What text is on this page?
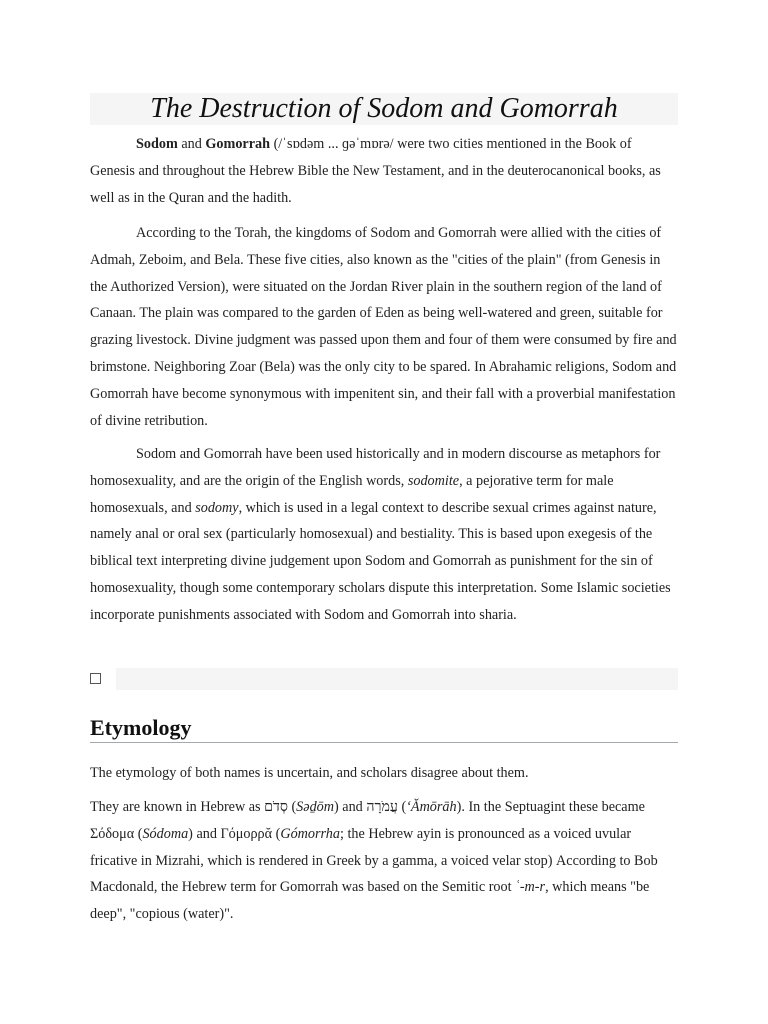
The Destruction of Sodom and Gomorrah

Sodom and Gomorrah (/ˈsɒdəm ... ɡəˈmɒrə/ were two cities mentioned in the Book of Genesis and throughout the Hebrew Bible the New Testament, and in the deuterocanonical books, as well as in the Quran and the hadith.

According to the Torah, the kingdoms of Sodom and Gomorrah were allied with the cities of Admah, Zeboim, and Bela. These five cities, also known as the "cities of the plain" (from Genesis in the Authorized Version), were situated on the Jordan River plain in the southern region of the land of Canaan. The plain was compared to the garden of Eden as being well-watered and green, suitable for grazing livestock. Divine judgment was passed upon them and four of them were consumed by fire and brimstone. Neighboring Zoar (Bela) was the only city to be spared. In Abrahamic religions, Sodom and Gomorrah have become synonymous with impenitent sin, and their fall with a proverbial manifestation of divine retribution.

Sodom and Gomorrah have been used historically and in modern discourse as metaphors for homosexuality, and are the origin of the English words, sodomite, a pejorative term for male homosexuals, and sodomy, which is used in a legal context to describe sexual crimes against nature, namely anal or oral sex (particularly homosexual) and bestiality. This is based upon exegesis of the biblical text interpreting divine judgement upon Sodom and Gomorrah as punishment for the sin of homosexuality, though some contemporary scholars dispute this interpretation. Some Islamic societies incorporate punishments associated with Sodom and Gomorrah into sharia.

Etymology

The etymology of both names is uncertain, and scholars disagree about them.

They are known in Hebrew as סְדֹם (Səḏōm) and עֲמֹרָה (ʻĂmōrāh). In the Septuagint these became Σόδομα (Sódoma) and Γόμορρᾰ (Gómorrha; the Hebrew ayin is pronounced as a voiced uvular fricative in Mizrahi, which is rendered in Greek by a gamma, a voiced velar stop) According to Bob Macdonald, the Hebrew term for Gomorrah was based on the Semitic root ʿ-m-r, which means "be deep", "copious (water)".
